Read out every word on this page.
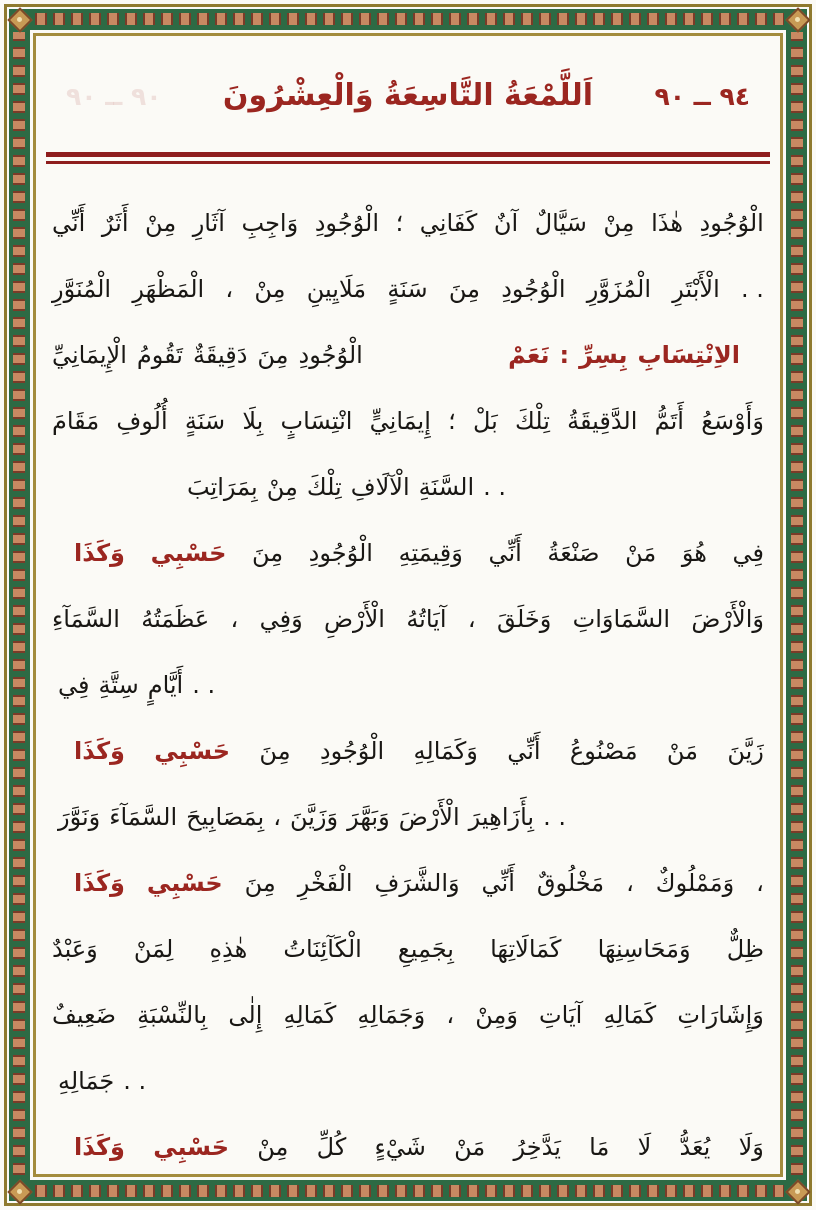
٩٠ ــ ٩٠	اَللَّمْعَةُ التَّاسِعَةُ وَالْعِشْرُونَ	٩٤ ــ ٩٠
أَنِّي أَثَرٌ مِنْ آثَارِ وَاجِبِ الْوُجُودِ ؛ كَفَانِي آنٌ سَيَّالٌ مِنْ هٰذَا الْوُجُودِ
الْمُنَوَّرِ الْمَظْهَرِ ، مِنْ مَلَايِينِ سَنَةٍ مِنَ الْوُجُودِ الْمُزَوَّرِ الْأَبْتَرِ . .
الْإِيمَانِيِّ تَقُومُ دَقِيقَةٌ مِنَ الْوُجُودِ	نَعَمْ : بِسِرِّ الاِنْتِسَابِ
مَقَامَ أُلُوفِ سَنَةٍ بِلَا انْتِسَابٍ إِيمَانِيٍّ ؛ بَلْ تِلْكَ الدَّقِيقَةُ أَتَمُّ وَأَوْسَعُ
بِمَرَاتِبَ مِنْ تِلْكَ الْآلَافِ السَّنَةِ . .
وَكَذَا حَسْبِي مِنَ الْوُجُودِ وَقِيمَتِهِ أَنِّي صَنْعَةُ مَنْ هُوَ فِي
السَّمَآءِ عَظَمَتُهُ ، وَفِي الْأَرْضِ آيَاتُهُ ، وَخَلَقَ السَّمَاوَاتِ وَالْأَرْضَ
فِي سِتَّةِ أَيَّامٍ . .
وَكَذَا حَسْبِي مِنَ الْوُجُودِ وَكَمَالِهِ أَنِّي مَصْنُوعُ مَنْ زَيَّنَ
وَنَوَّرَ السَّمَآءَ بِمَصَابِيحَ ، وَزَيَّنَ وَبَهَّرَ الْأَرْضَ بِأَزَاهِيرَ . .
وَكَذَا حَسْبِي مِنَ الْفَخْرِ وَالشَّرَفِ أَنِّي مَخْلُوقٌ ، وَمَمْلُوكٌ ،
وَعَبْدٌ لِمَنْ هٰذِهِ الْكَآئِنَاتُ بِجَمِيعِ كَمَالَاتِهَا وَمَحَاسِنِهَا ظِلٌّ
ضَعِيفٌ بِالنِّسْبَةِ إِلٰى كَمَالِهِ وَجَمَالِهِ ، وَمِنْ آيَاتِ كَمَالِهِ وَإِشَارَاتِ
جَمَالِهِ . .
وَكَذَا حَسْبِي مِنْ كُلِّ شَيْءٍ مَنْ يَدَّخِرُ مَا لَا يُعَدُّ وَلَا
